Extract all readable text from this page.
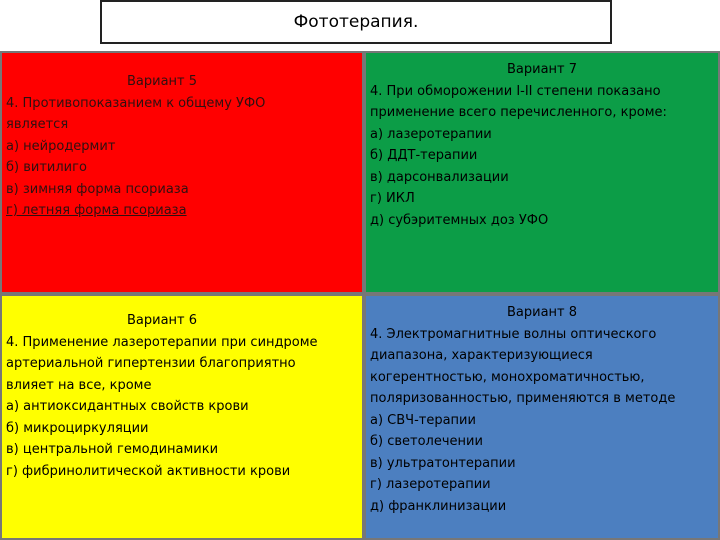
Фототерапия.
Вариант 5
4. Противопоказанием к общему УФО
является
а) нейродермит
б) витилиго
в) зимняя форма псориаза
г) летняя форма псориаза
Вариант 7
4. При обморожении I-II степени показано
применение всего перечисленного, кроме:
а) лазеротерапии
б) ДДТ-терапии
в) дарсонвализации
г) ИКЛ
д) субэритемных доз УФО
Вариант 6
4. Применение лазеротерапии при синдроме
артериальной гипертензии благоприятно
влияет на все, кроме
а) антиоксидантных свойств крови
б) микроциркуляции
в) центральной гемодинамики
г) фибринолитической активности крови
Вариант 8
4. Электромагнитные волны оптического
диапазона, характеризующиеся
когерентностью, монохроматичностью,
поляризованностью, применяются в методе
а) СВЧ-терапии
б) светолечении
в) ультратонтерапии
г) лазеротерапии
д) франклинизации
